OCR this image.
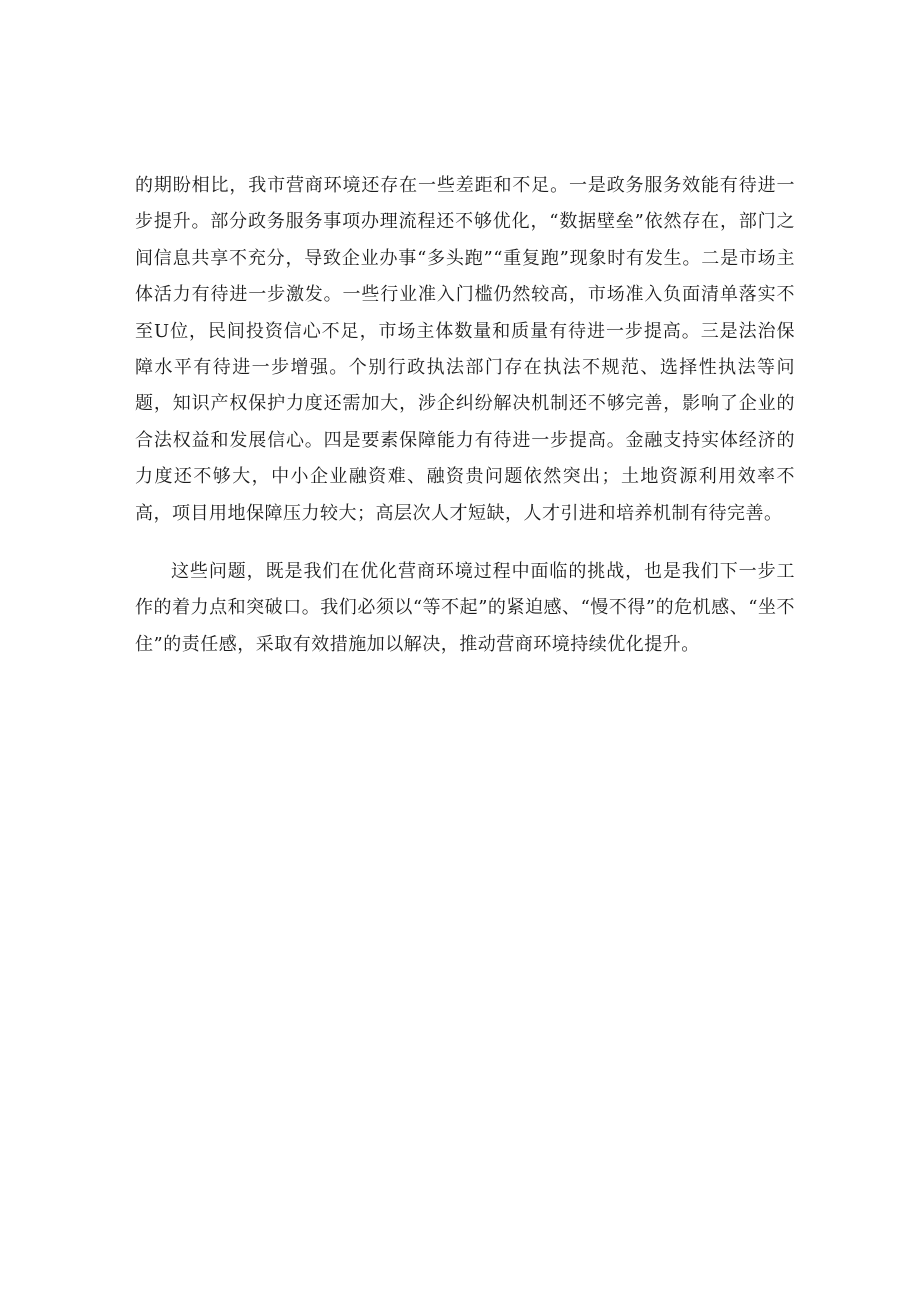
的期盼相比，我市营商环境还存在一些差距和不足。一是政务服务效能有待进一步提升。部分政务服务事项办理流程还不够优化，“数据壁垒”依然存在，部门之间信息共享不充分，导致企业办事“多头跑”“重复跑”现象时有发生。二是市场主体活力有待进一步激发。一些行业准入门槛仍然较高，市场准入负面清单落实不至U位，民间投资信心不足，市场主体数量和质量有待进一步提高。三是法治保障水平有待进一步增强。个别行政执法部门存在执法不规范、选择性执法等问题，知识产权保护力度还需加大，涉企纠纷解决机制还不够完善，影响了企业的合法权益和发展信心。四是要素保障能力有待进一步提高。金融支持实体经济的力度还不够大，中小企业融资难、融资贵问题依然突出；土地资源利用效率不高，项目用地保障压力较大；高层次人才短缺，人才引进和培养机制有待完善。

这些问题，既是我们在优化营商环境过程中面临的挑战，也是我们下一步工作的着力点和突破口。我们必须以“等不起”的紧迫感、“慢不得”的危机感、“坐不住”的责任感，采取有效措施加以解决，推动营商环境持续优化提升。
